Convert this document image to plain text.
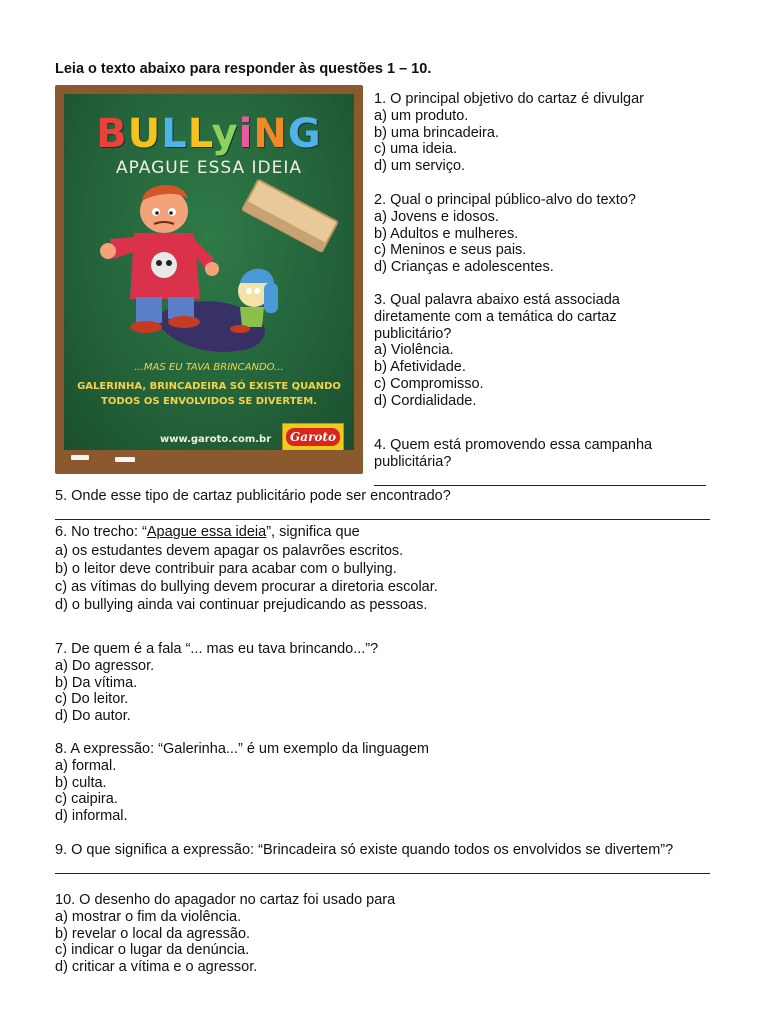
Leia o texto abaixo para responder às questões 1 – 10.
BULLyiNG
APAGUE ESSA IDEIA
...MAS EU TAVA BRINCANDO...
GALERINHA, BRINCADEIRA SÓ EXISTE QUANDO
TODOS OS ENVOLVIDOS SE DIVERTEM.
www.garoto.com.br	Garoto
1. O principal objetivo do cartaz é divulgar
a) um produto.
b) uma brincadeira.
c) uma ideia.
d) um serviço.
2. Qual o principal público-alvo do texto?
a) Jovens e idosos.
b) Adultos e mulheres.
c) Meninos e seus pais.
d) Crianças e adolescentes.
3. Qual palavra abaixo está associada
diretamente com a temática do cartaz
publicitário?
a) Violência.
b) Afetividade.
c) Compromisso.
d) Cordialidade.
4. Quem está promovendo essa campanha
publicitária?
5. Onde esse tipo de cartaz publicitário pode ser encontrado?
6. No trecho: “Apague essa ideia”, significa que
a) os estudantes devem apagar os palavrões escritos.
b) o leitor deve contribuir para acabar com o bullying.
c) as vítimas do bullying devem procurar a diretoria escolar.
d) o bullying ainda vai continuar prejudicando as pessoas.
7. De quem é a fala “... mas eu tava brincando...”?
a) Do agressor.
b) Da vítima.
c) Do leitor.
d) Do autor.
8. A expressão: “Galerinha...” é um exemplo da linguagem
a) formal.
b) culta.
c) caipira.
d) informal.
9. O que significa a expressão: “Brincadeira só existe quando todos os envolvidos se divertem”?
10. O desenho do apagador no cartaz foi usado para
a) mostrar o fim da violência.
b) revelar o local da agressão.
c) indicar o lugar da denúncia.
d) criticar a vítima e o agressor.
